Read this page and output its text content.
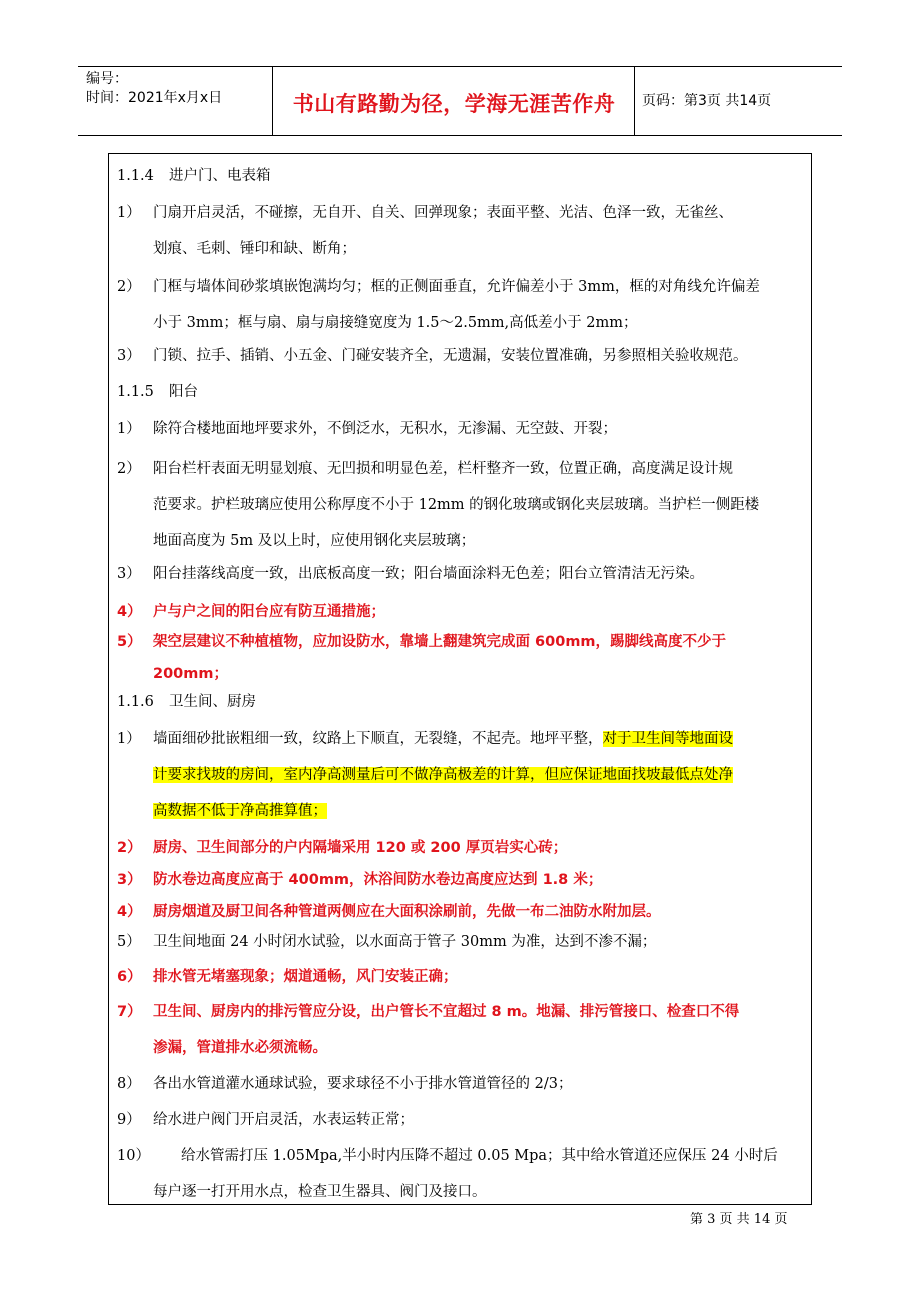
编号：
时间：2021年x月x日	书山有路勤为径，学海无涯苦作舟	页码：第3页 共14页
1.1.4 进户门、电表箱
1） 门扇开启灵活，不碰擦，无自开、自关、回弹现象；表面平整、光洁、色泽一致，无雀丝、
划痕、毛刺、锤印和缺、断角；
2） 门框与墙体间砂浆填嵌饱满均匀；框的正侧面垂直，允许偏差小于 3mm，框的对角线允许偏差
小于 3mm；框与扇、扇与扇接缝宽度为 1.5～2.5mm,高低差小于 2mm；
3） 门锁、拉手、插销、小五金、门碰安装齐全，无遗漏，安装位置准确，另参照相关验收规范。
1.1.5 阳台
1） 除符合楼地面地坪要求外，不倒泛水，无积水，无渗漏、无空鼓、开裂；
2） 阳台栏杆表面无明显划痕、无凹损和明显色差，栏杆整齐一致，位置正确，高度满足设计规
范要求。护栏玻璃应使用公称厚度不小于 12mm 的钢化玻璃或钢化夹层玻璃。当护栏一侧距楼
地面高度为 5m 及以上时，应使用钢化夹层玻璃；
3） 阳台挂落线高度一致，出底板高度一致；阳台墙面涂料无色差；阳台立管清洁无污染。
4） 户与户之间的阳台应有防互通措施；
5） 架空层建议不种植植物，应加设防水，靠墙上翻建筑完成面 600mm，踢脚线高度不少于
200mm；
1.1.6 卫生间、厨房
1） 墙面细砂批嵌粗细一致，纹路上下顺直，无裂缝，不起壳。地坪平整，对于卫生间等地面设
计要求找坡的房间，室内净高测量后可不做净高极差的计算，但应保证地面找坡最低点处净
高数据不低于净高推算值；
2） 厨房、卫生间部分的户内隔墙采用 120 或 200 厚页岩实心砖；
3） 防水卷边高度应高于 400mm，沐浴间防水卷边高度应达到 1.8 米；
4） 厨房烟道及厨卫间各种管道两侧应在大面积涂刷前，先做一布二油防水附加层。
5） 卫生间地面 24 小时闭水试验，以水面高于管子 30mm 为准，达到不渗不漏；
6） 排水管无堵塞现象；烟道通畅，风门安装正确；
7） 卫生间、厨房内的排污管应分设，出户管长不宜超过 8 m。地漏、排污管接口、检查口不得
渗漏，管道排水必须流畅。
8） 各出水管道灌水通球试验，要求球径不小于排水管道管径的 2/3；
9） 给水进户阀门开启灵活，水表运转正常；
10）	给水管需打压 1.05Mpa,半小时内压降不超过 0.05 Mpa；其中给水管道还应保压 24 小时后
每户逐一打开用水点，检查卫生器具、阀门及接口。
第 3 页 共 14 页
